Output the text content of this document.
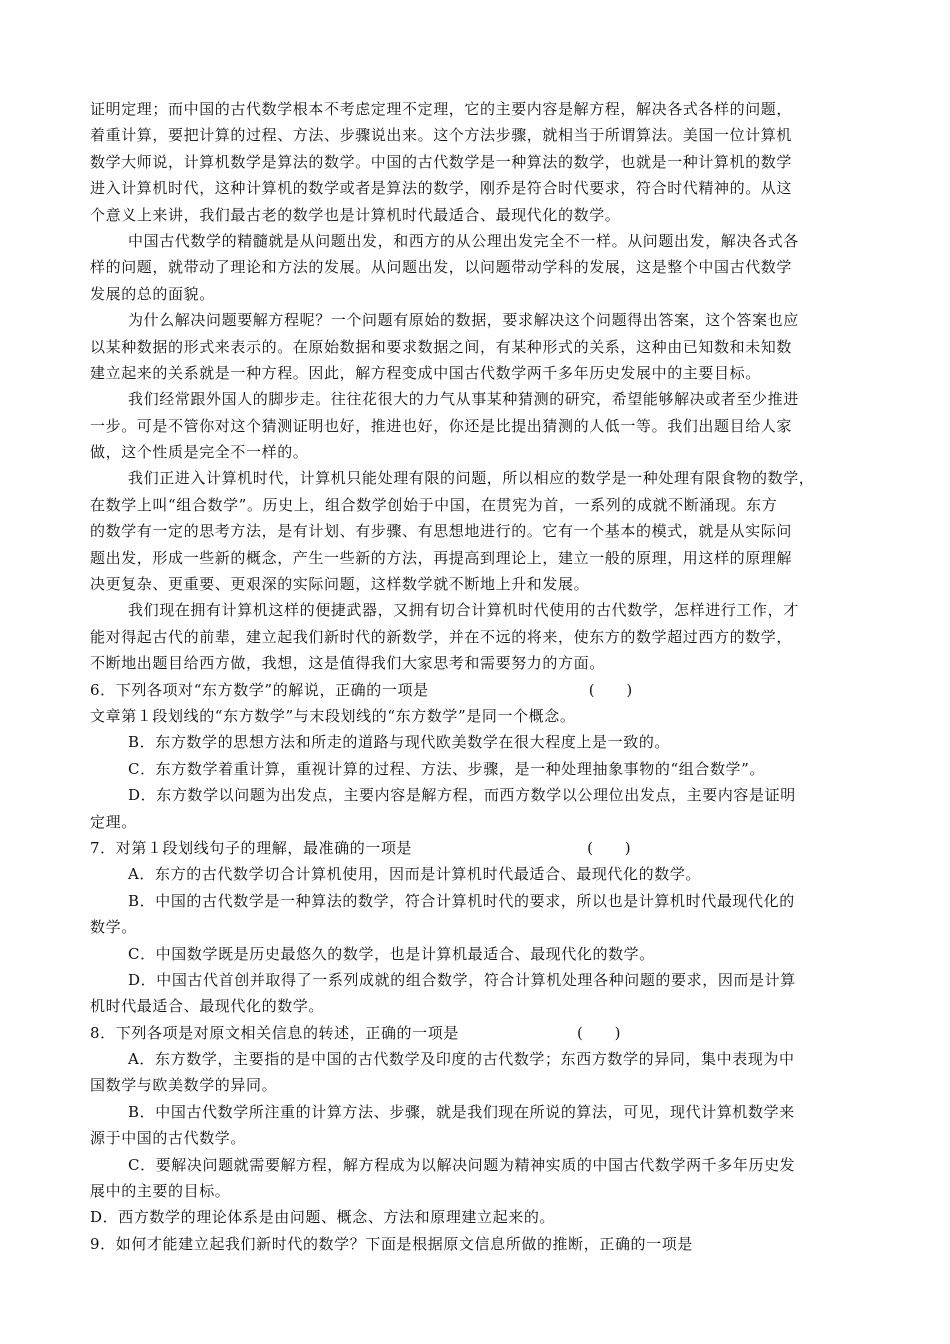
证明定理；而中国的古代数学根本不考虑定理不定理，它的主要内容是解方程，解决各式各样的问题，
着重计算，要把计算的过程、方法、步骤说出来。这个方法步骤，就相当于所谓算法。美国一位计算机
数学大师说，计算机数学是算法的数学。中国的古代数学是一种算法的数学，也就是一种计算机的数学
进入计算机时代，这种计算机的数学或者是算法的数学，刚乔是符合时代要求，符合时代精神的。从这
个意义上来讲，我们最古老的数学也是计算机时代最适合、最现代化的数学。
中国古代数学的精髓就是从问题出发，和西方的从公理出发完全不一样。从问题出发，解决各式各
样的问题，就带动了理论和方法的发展。从问题出发，以问题带动学科的发展，这是整个中国古代数学
发展的总的面貌。
为什么解决问题要解方程呢？一个问题有原始的数据，要求解决这个问题得出答案，这个答案也应
以某种数据的形式来表示的。在原始数据和要求数据之间，有某种形式的关系，这种由已知数和未知数
建立起来的关系就是一种方程。因此，解方程变成中国古代数学两千多年历史发展中的主要目标。
我们经常跟外国人的脚步走。往往花很大的力气从事某种猜测的研究，希望能够解决或者至少推进
一步。可是不管你对这个猜测证明也好，推进也好，你还是比提出猜测的人低一等。我们出题目给人家
做，这个性质是完全不一样的。
我们正进入计算机时代，计算机只能处理有限的问题，所以相应的数学是一种处理有限食物的数学，
在数学上叫“组合数学”。历史上，组合数学创始于中国，在贯宪为首，一系列的成就不断涌现。东方
的数学有一定的思考方法，是有计划、有步骤、有思想地进行的。它有一个基本的模式，就是从实际问
题出发，形成一些新的概念，产生一些新的方法，再提高到理论上，建立一般的原理，用这样的原理解
决更复杂、更重要、更艰深的实际问题，这样数学就不断地上升和发展。
我们现在拥有计算机这样的便捷武器，又拥有切合计算机时代使用的古代数学，怎样进行工作，才
能对得起古代的前辈，建立起我们新时代的新数学，并在不远的将来，使东方的数学超过西方的数学，
不断地出题目给西方做，我想，这是值得我们大家思考和需要努力的方面。
6．下列各项对“东方数学”的解说，正确的一项是	(　　)
文章第１段划线的“东方数学”与末段划线的“东方数学”是同一个概念。
B．东方数学的思想方法和所走的道路与现代欧美数学在很大程度上是一致的。
C．东方数学着重计算，重视计算的过程、方法、步骤，是一种处理抽象事物的“组合数学”。
D．东方数学以问题为出发点，主要内容是解方程，而西方数学以公理位出发点，主要内容是证明
定理。
7．对第１段划线句子的理解，最准确的一项是	(　　)
A．东方的古代数学切合计算机使用，因而是计算机时代最适合、最现代化的数学。
B．中国的古代数学是一种算法的数学，符合计算机时代的要求，所以也是计算机时代最现代化的
数学。
C．中国数学既是历史最悠久的数学，也是计算机最适合、最现代化的数学。
D．中国古代首创并取得了一系列成就的组合数学，符合计算机处理各种问题的要求，因而是计算
机时代最适合、最现代化的数学。
8．下列各项是对原文相关信息的转述，正确的一项是	(　　)
A．东方数学，主要指的是中国的古代数学及印度的古代数学；东西方数学的异同，集中表现为中
国数学与欧美数学的异同。
B．中国古代数学所注重的计算方法、步骤，就是我们现在所说的算法，可见，现代计算机数学来
源于中国的古代数学。
C．要解决问题就需要解方程，解方程成为以解决问题为精神实质的中国古代数学两千多年历史发
展中的主要的目标。
D．西方数学的理论体系是由问题、概念、方法和原理建立起来的。
9．如何才能建立起我们新时代的数学？下面是根据原文信息所做的推断，正确的一项是
